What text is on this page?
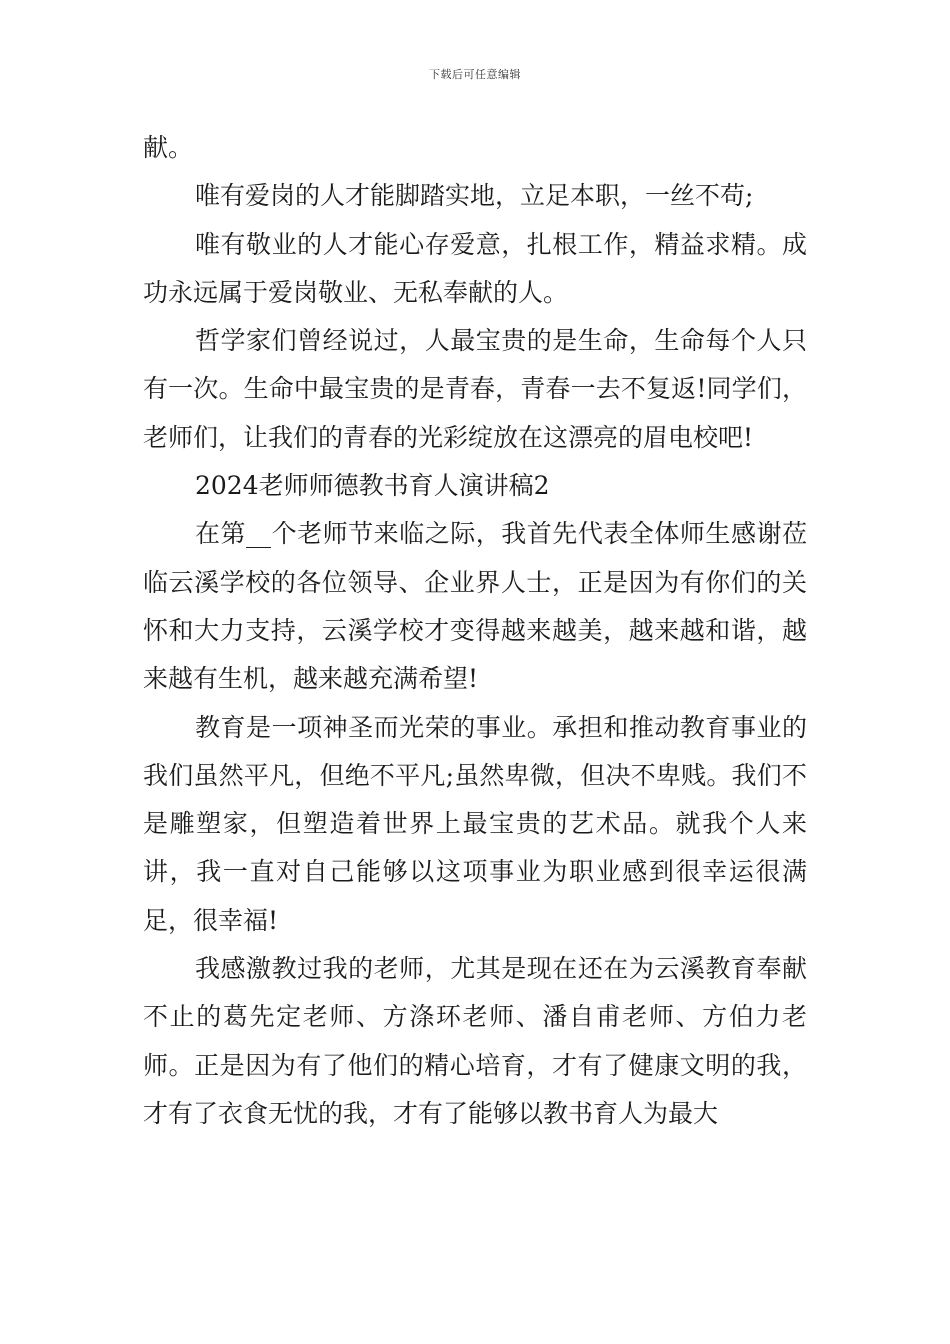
下载后可任意编辑

献。

唯有爱岗的人才能脚踏实地，立足本职，一丝不苟;

唯有敬业的人才能心存爱意，扎根工作，精益求精。成功永远属于爱岗敬业、无私奉献的人。

哲学家们曾经说过，人最宝贵的是生命，生命每个人只有一次。生命中最宝贵的是青春，青春一去不复返!同学们，老师们，让我们的青春的光彩绽放在这漂亮的眉电校吧!

2024老师师德教书育人演讲稿2

在第__个老师节来临之际，我首先代表全体师生感谢莅临云溪学校的各位领导、企业界人士，正是因为有你们的关怀和大力支持，云溪学校才变得越来越美，越来越和谐，越来越有生机，越来越充满希望!

教育是一项神圣而光荣的事业。承担和推动教育事业的我们虽然平凡，但绝不平凡;虽然卑微，但决不卑贱。我们不是雕塑家，但塑造着世界上最宝贵的艺术品。就我个人来讲，我一直对自己能够以这项事业为职业感到很幸运很满足，很幸福!

我感激教过我的老师，尤其是现在还在为云溪教育奉献不止的葛先定老师、方涤环老师、潘自甫老师、方伯力老师。正是因为有了他们的精心培育，才有了健康文明的我，才有了衣食无忧的我，才有了能够以教书育人为最大
